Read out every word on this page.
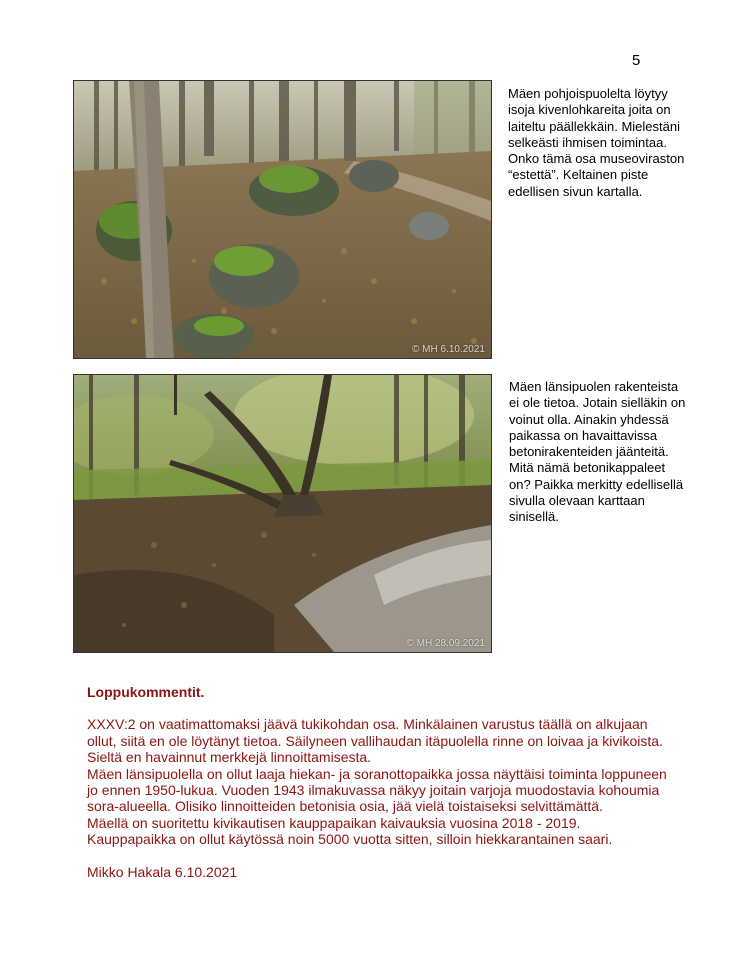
5
© MH 6.10.2021
Mäen pohjoispuolelta löytyy
isoja kivenlohkareita joita on
laiteltu päällekkäin. Mielestäni
selkeästi ihmisen toimintaa.
Onko tämä osa museoviraston
“estettä”. Keltainen piste
edellisen sivun kartalla.
© MH 28.09.2021
Mäen länsipuolen rakenteista
ei ole tietoa. Jotain sielläkin on
voinut olla. Ainakin yhdessä
paikassa on havaittavissa
betonirakenteiden jäänteitä.
Mitä nämä betonikappaleet
on? Paikka merkitty edellisellä
sivulla olevaan karttaan
sinisellä.
Loppukommentit.
XXXV:2 on vaatimattomaksi jäävä tukikohdan osa. Minkälainen varustus täällä on alkujaan
ollut, siitä en ole löytänyt tietoa. Säilyneen vallihaudan itäpuolella rinne on loivaa ja kivikoista.
Sieltä en havainnut merkkejä linnoittamisesta.
Mäen länsipuolella on ollut laaja hiekan- ja soranottopaikka jossa näyttäisi toiminta loppuneen
jo ennen 1950-lukua. Vuoden 1943 ilmakuvassa näkyy joitain varjoja muodostavia kohoumia
sora-alueella. Olisiko linnoitteiden betonisia osia, jää vielä toistaiseksi selvittämättä.
Mäellä on suoritettu kivikautisen kauppapaikan kaivauksia vuosina 2018 - 2019.
Kauppapaikka on ollut käytössä noin 5000 vuotta sitten, silloin hiekkarantainen saari.
Mikko Hakala 6.10.2021
